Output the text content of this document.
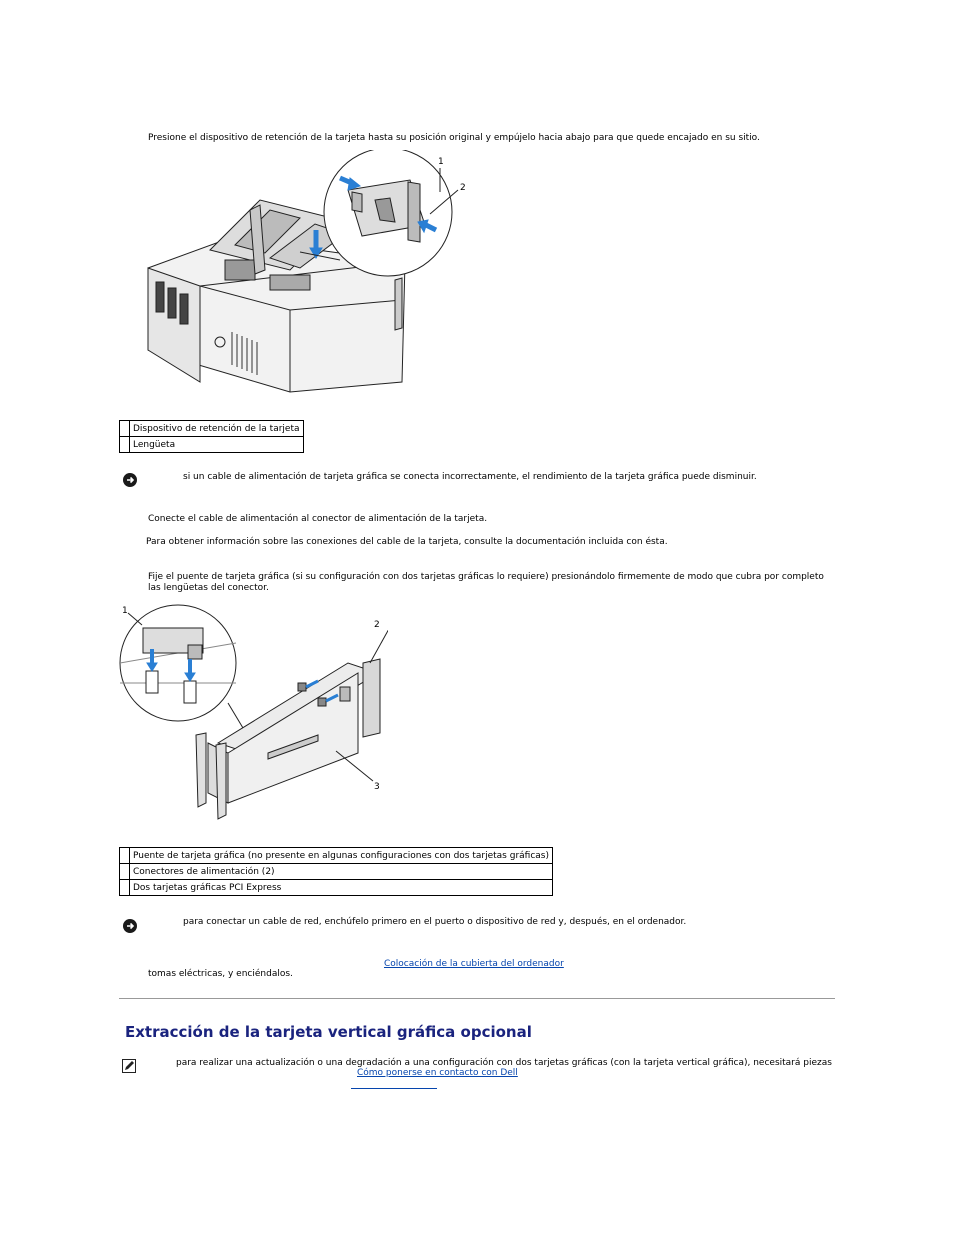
Presione el dispositivo de retención de la tarjeta hasta su posición original y empújelo hacia abajo para que quede encajado en su sitio.
1
2
	Dispositivo de retención de la tarjeta
	Lengüeta
si un cable de alimentación de tarjeta gráfica se conecta incorrectamente, el rendimiento de la tarjeta gráfica puede disminuir.
Conecte el cable de alimentación al conector de alimentación de la tarjeta.
Para obtener información sobre las conexiones del cable de la tarjeta, consulte la documentación incluida con ésta.
Fije el puente de tarjeta gráfica (si su configuración con dos tarjetas gráficas lo requiere) presionándolo firmemente de modo que cubra por completo las lengüetas del conector.
1
2
3
	Puente de tarjeta gráfica (no presente en algunas configuraciones con dos tarjetas gráficas)
	Conectores de alimentación (2)
	Dos tarjetas gráficas PCI Express
para conectar un cable de red, enchúfelo primero en el puerto o dispositivo de red y, después, en el ordenador.
Colocación de la cubierta del ordenador
tomas eléctricas, y enciéndalos.
Extracción de la tarjeta vertical gráfica opcional
para realizar una actualización o una degradación a una configuración con dos tarjetas gráficas (con la tarjeta vertical gráfica), necesitará piezas
Cómo ponerse en contacto con Dell
